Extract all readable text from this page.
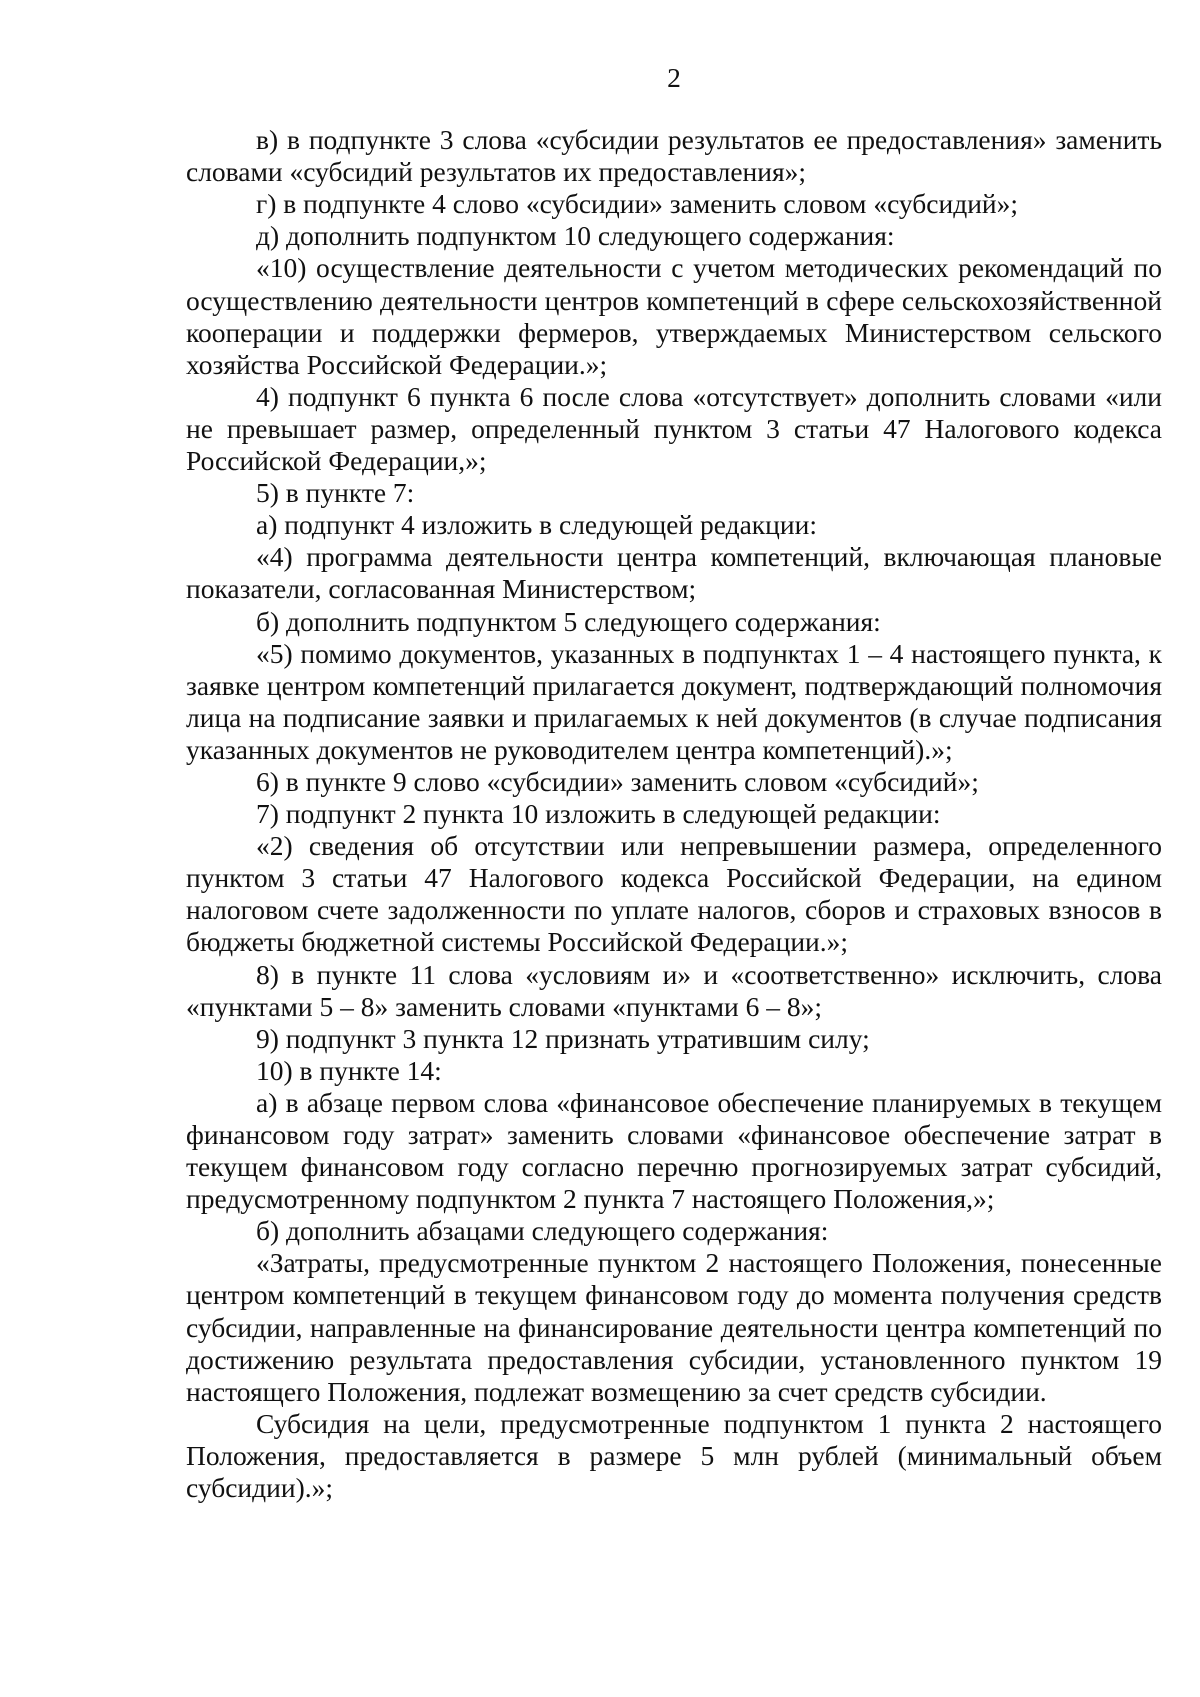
2

в) в подпункте 3 слова «субсидии результатов ее предоставления» заменить словами «субсидий результатов их предоставления»;

г) в подпункте 4 слово «субсидии» заменить словом «субсидий»;

д) дополнить подпунктом 10 следующего содержания:

«10) осуществление деятельности с учетом методических рекомендаций по осуществлению деятельности центров компетенций в сфере сельскохозяйственной кооперации и поддержки фермеров, утверждаемых Министерством сельского хозяйства Российской Федерации.»;

4) подпункт 6 пункта 6 после слова «отсутствует» дополнить словами «или не превышает размер, определенный пунктом 3 статьи 47 Налогового кодекса Российской Федерации,»;

5) в пункте 7:

а) подпункт 4 изложить в следующей редакции:

«4) программа деятельности центра компетенций, включающая плановые показатели, согласованная Министерством;

б) дополнить подпунктом 5 следующего содержания:

«5) помимо документов, указанных в подпунктах 1 – 4 настоящего пункта, к заявке центром компетенций прилагается документ, подтверждающий полномочия лица на подписание заявки и прилагаемых к ней документов (в случае подписания указанных документов не руководителем центра компетенций).»;

6) в пункте 9 слово «субсидии» заменить словом «субсидий»;

7) подпункт 2 пункта 10 изложить в следующей редакции:

«2) сведения об отсутствии или непревышении размера, определенного пунктом 3 статьи 47 Налогового кодекса Российской Федерации, на едином налоговом счете задолженности по уплате налогов, сборов и страховых взносов в бюджеты бюджетной системы Российской Федерации.»;

8) в пункте 11 слова «условиям и» и «соответственно» исключить, слова «пунктами 5 – 8» заменить словами «пунктами 6 – 8»;

9) подпункт 3 пункта 12 признать утратившим силу;

10) в пункте 14:

а) в абзаце первом слова «финансовое обеспечение планируемых в текущем финансовом году затрат» заменить словами «финансовое обеспечение затрат в текущем финансовом году согласно перечню прогнозируемых затрат субсидий, предусмотренному подпунктом 2 пункта 7 настоящего Положения,»;

б) дополнить абзацами следующего содержания:

«Затраты, предусмотренные пунктом 2 настоящего Положения, понесенные центром компетенций в текущем финансовом году до момента получения средств субсидии, направленные на финансирование деятельности центра компетенций по достижению результата предоставления субсидии, установленного пунктом 19 настоящего Положения, подлежат возмещению за счет средств субсидии.

Субсидия на цели, предусмотренные подпунктом 1 пункта 2 настоящего Положения, предоставляется в размере 5 млн рублей (минимальный объем субсидии).»;
